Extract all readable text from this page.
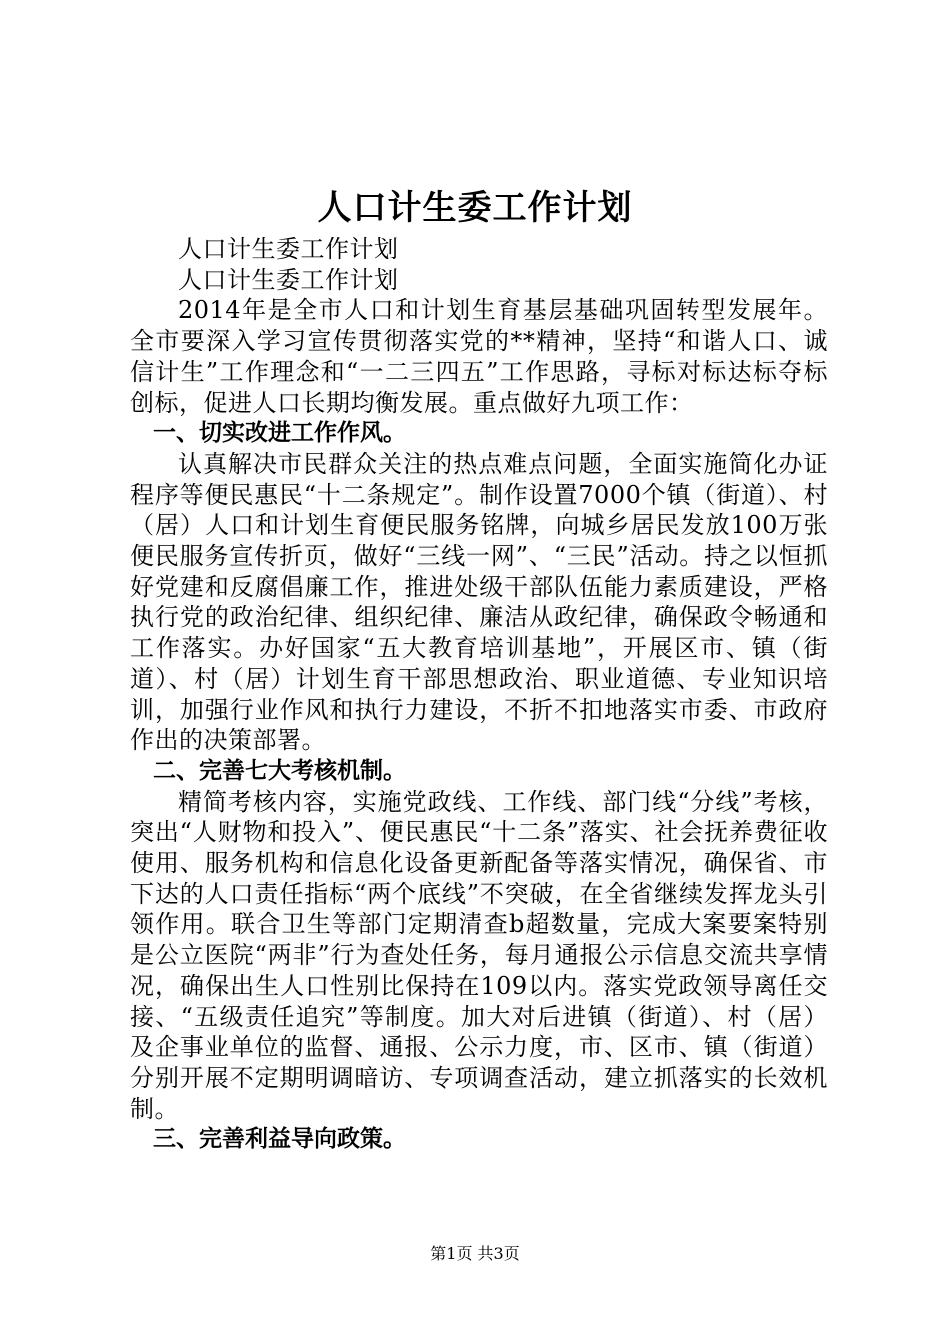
人口计生委工作计划

人口计生委工作计划

人口计生委工作计划

2014年是全市人口和计划生育基层基础巩固转型发展年。全市要深入学习宣传贯彻落实党的**精神，坚持“和谐人口、诚信计生”工作理念和“一二三四五”工作思路，寻标对标达标夺标创标，促进人口长期均衡发展。重点做好九项工作：

一、切实改进工作作风。

认真解决市民群众关注的热点难点问题，全面实施简化办证程序等便民惠民“十二条规定”。制作设置7000个镇（街道）、村（居）人口和计划生育便民服务铭牌，向城乡居民发放100万张便民服务宣传折页，做好“三线一网”、“三民”活动。持之以恒抓好党建和反腐倡廉工作，推进处级干部队伍能力素质建设，严格执行党的政治纪律、组织纪律、廉洁从政纪律，确保政令畅通和工作落实。办好国家“五大教育培训基地”，开展区市、镇（街道）、村（居）计划生育干部思想政治、职业道德、专业知识培训，加强行业作风和执行力建设，不折不扣地落实市委、市政府作出的决策部署。

二、完善七大考核机制。

精简考核内容，实施党政线、工作线、部门线“分线”考核，突出“人财物和投入”、便民惠民“十二条”落实、社会抚养费征收使用、服务机构和信息化设备更新配备等落实情况，确保省、市下达的人口责任指标“两个底线”不突破，在全省继续发挥龙头引领作用。联合卫生等部门定期清查b超数量，完成大案要案特别是公立医院“两非”行为查处任务，每月通报公示信息交流共享情况，确保出生人口性别比保持在109以内。落实党政领导离任交接、“五级责任追究”等制度。加大对后进镇（街道）、村（居）及企事业单位的监督、通报、公示力度，市、区市、镇（街道）分别开展不定期明调暗访、专项调查活动，建立抓落实的长效机制。

三、完善利益导向政策。

第1页 共3页
